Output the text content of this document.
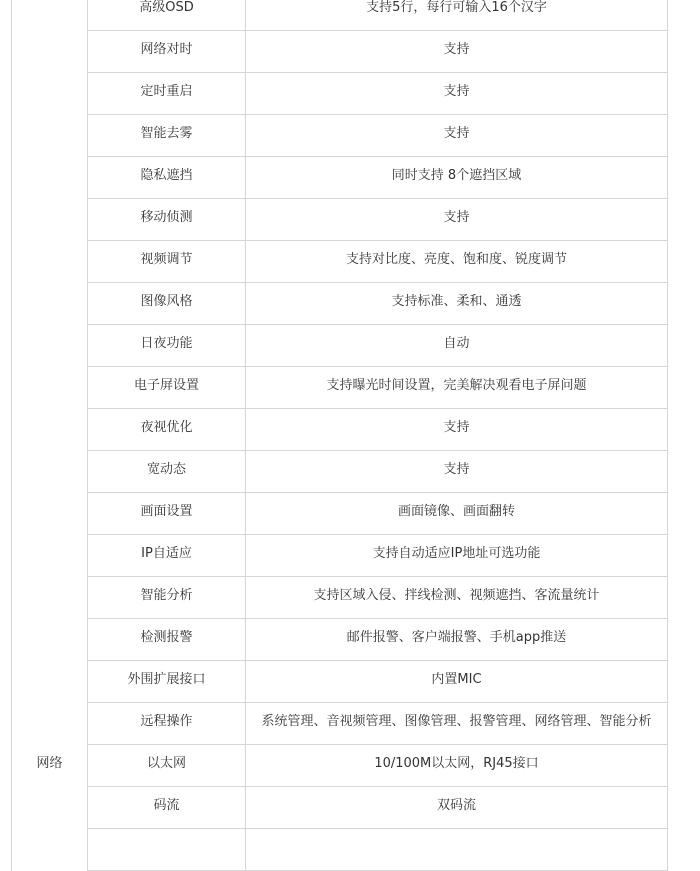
	高级OSD	支持5行，每行可输入16个汉字

	网络对时	支持

	定时重启	支持

	智能去雾	支持

	隐私遮挡	同时支持 8个遮挡区域

	移动侦测	支持

	视频调节	支持对比度、亮度、饱和度、锐度调节

	图像风格	支持标准、柔和、通透

	日夜功能	自动

	电子屏设置	支持曝光时间设置，完美解决观看电子屏问题

	夜视优化	支持

	宽动态	支持

	画面设置	画面镜像、画面翻转

	IP自适应	支持自动适应IP地址可选功能

	智能分析	支持区域入侵、拌线检测、视频遮挡、客流量统计

	检测报警	邮件报警、客户端报警、手机app推送

	外围扩展接口	内置MIC

	远程操作	系统管理、音视频管理、图像管理、报警管理、网络管理、智能分析

网络	以太网	10/100M以太网，RJ45接口

	码流	双码流
